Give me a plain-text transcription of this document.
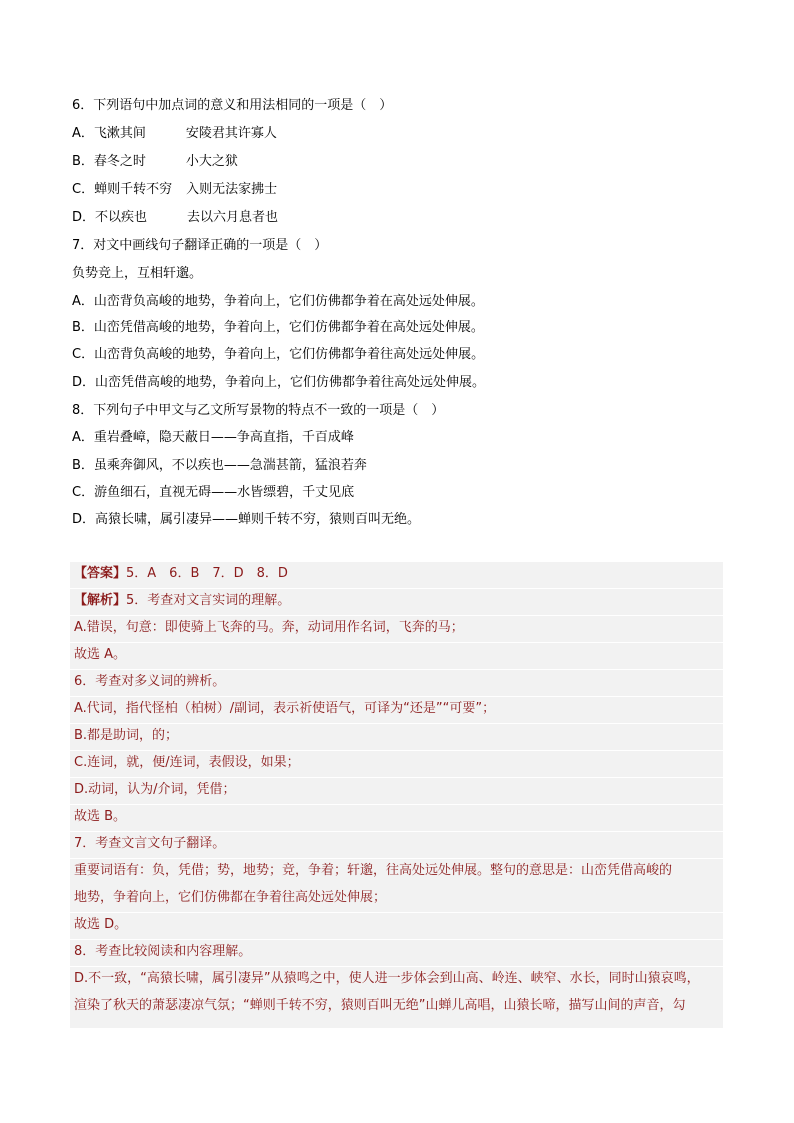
6．下列语句中加点词的意义和用法相同的一项是（　）
A．飞漱其间	安陵君其许寡人
B．春冬之时	小大之狱
C．蝉则千转不穷 入则无法家拂士
D．不以疾也	去以六月息者也
7．对文中画线句子翻译正确的一项是（　）
负势竞上，互相轩邈。
A．山峦背负高峻的地势，争着向上，它们仿佛都争着在高处远处伸展。
B．山峦凭借高峻的地势，争着向上，它们仿佛都争着在高处远处伸展。
C．山峦背负高峻的地势，争着向上，它们仿佛都争着往高处远处伸展。
D．山峦凭借高峻的地势，争着向上，它们仿佛都争着往高处远处伸展。
8．下列句子中甲文与乙文所写景物的特点不一致的一项是（　）
A．重岩叠嶂，隐天蔽日——争高直指，千百成峰
B．虽乘奔御风，不以疾也——急湍甚箭，猛浪若奔
C．游鱼细石，直视无碍——水皆缥碧，千丈见底
D．高猿长啸，属引凄异——蝉则千转不穷，猿则百叫无绝。
【答案】5．A　6．B　7．D　8．D
【解析】5．考查对文言实词的理解。
A.错误，句意：即使骑上飞奔的马。奔，动词用作名词，飞奔的马；
故选 A。
6．考查对多义词的辨析。
A.代词，指代怪柏（柏树）/副词，表示祈使语气，可译为“还是”“可要”；
B.都是助词，的；
C.连词，就，便/连词，表假设，如果；
D.动词，认为/介词，凭借；
故选 B。
7．考查文言文句子翻译。
重要词语有：负，凭借；势，地势；竞，争着；轩邈，往高处远处伸展。整句的意思是：山峦凭借高峻的
地势，争着向上，它们仿佛都在争着往高处远处伸展；
故选 D。
8．考查比较阅读和内容理解。
D.不一致，“高猿长啸，属引凄异”从猿鸣之中，使人进一步体会到山高、岭连、峡窄、水长，同时山猿哀鸣，
渲染了秋天的萧瑟凄凉气氛；“蝉则千转不穷，猿则百叫无绝”山蝉儿高唱，山猿长啼，描写山间的声音，勾
